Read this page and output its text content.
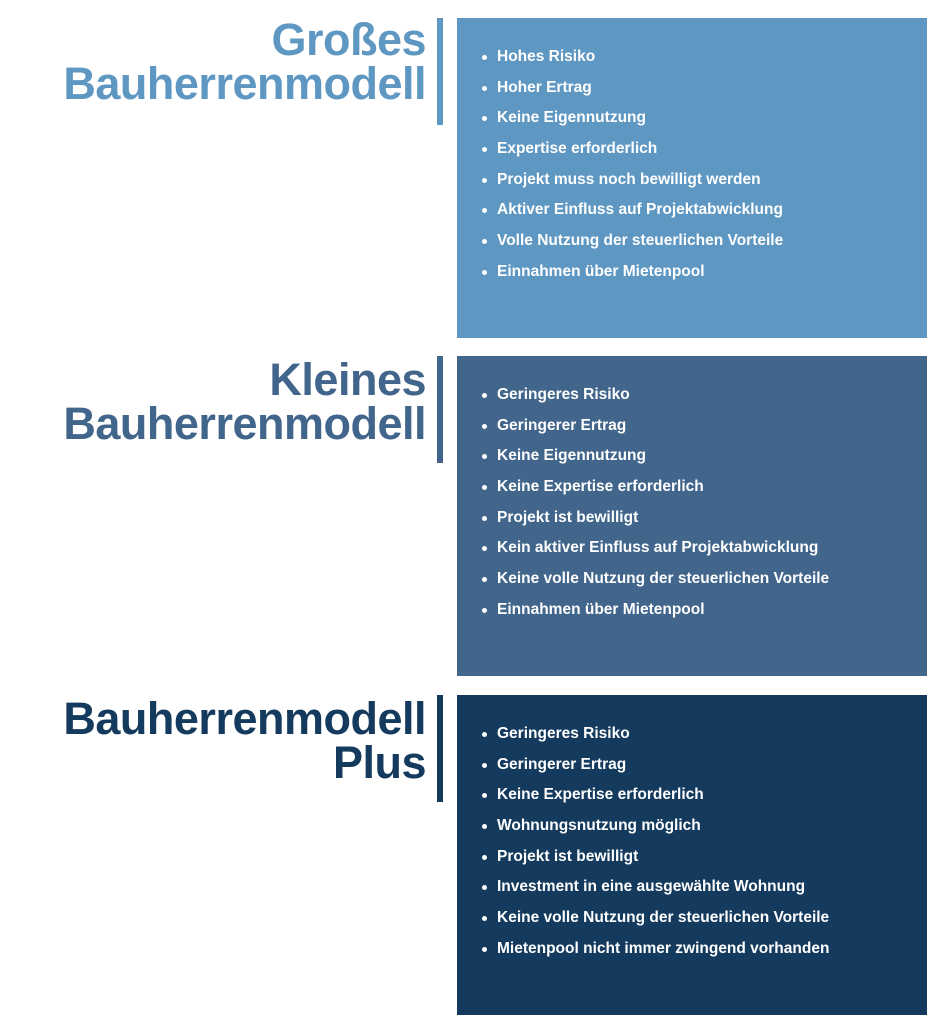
Großes
Bauherrenmodell
Hohes Risiko
Hoher Ertrag
Keine Eigennutzung
Expertise erforderlich
Projekt muss noch bewilligt werden
Aktiver Einfluss auf Projektabwicklung
Volle Nutzung der steuerlichen Vorteile
Einnahmen über Mietenpool
Kleines
Bauherrenmodell
Geringeres Risiko
Geringerer Ertrag
Keine Eigennutzung
Keine Expertise erforderlich
Projekt ist bewilligt
Kein aktiver Einfluss auf Projektabwicklung
Keine volle Nutzung der steuerlichen Vorteile
Einnahmen über Mietenpool
Bauherrenmodell
Plus
Geringeres Risiko
Geringerer Ertrag
Keine Expertise erforderlich
Wohnungsnutzung möglich
Projekt ist bewilligt
Investment in eine ausgewählte Wohnung
Keine volle Nutzung der steuerlichen Vorteile
Mietenpool nicht immer zwingend vorhanden
